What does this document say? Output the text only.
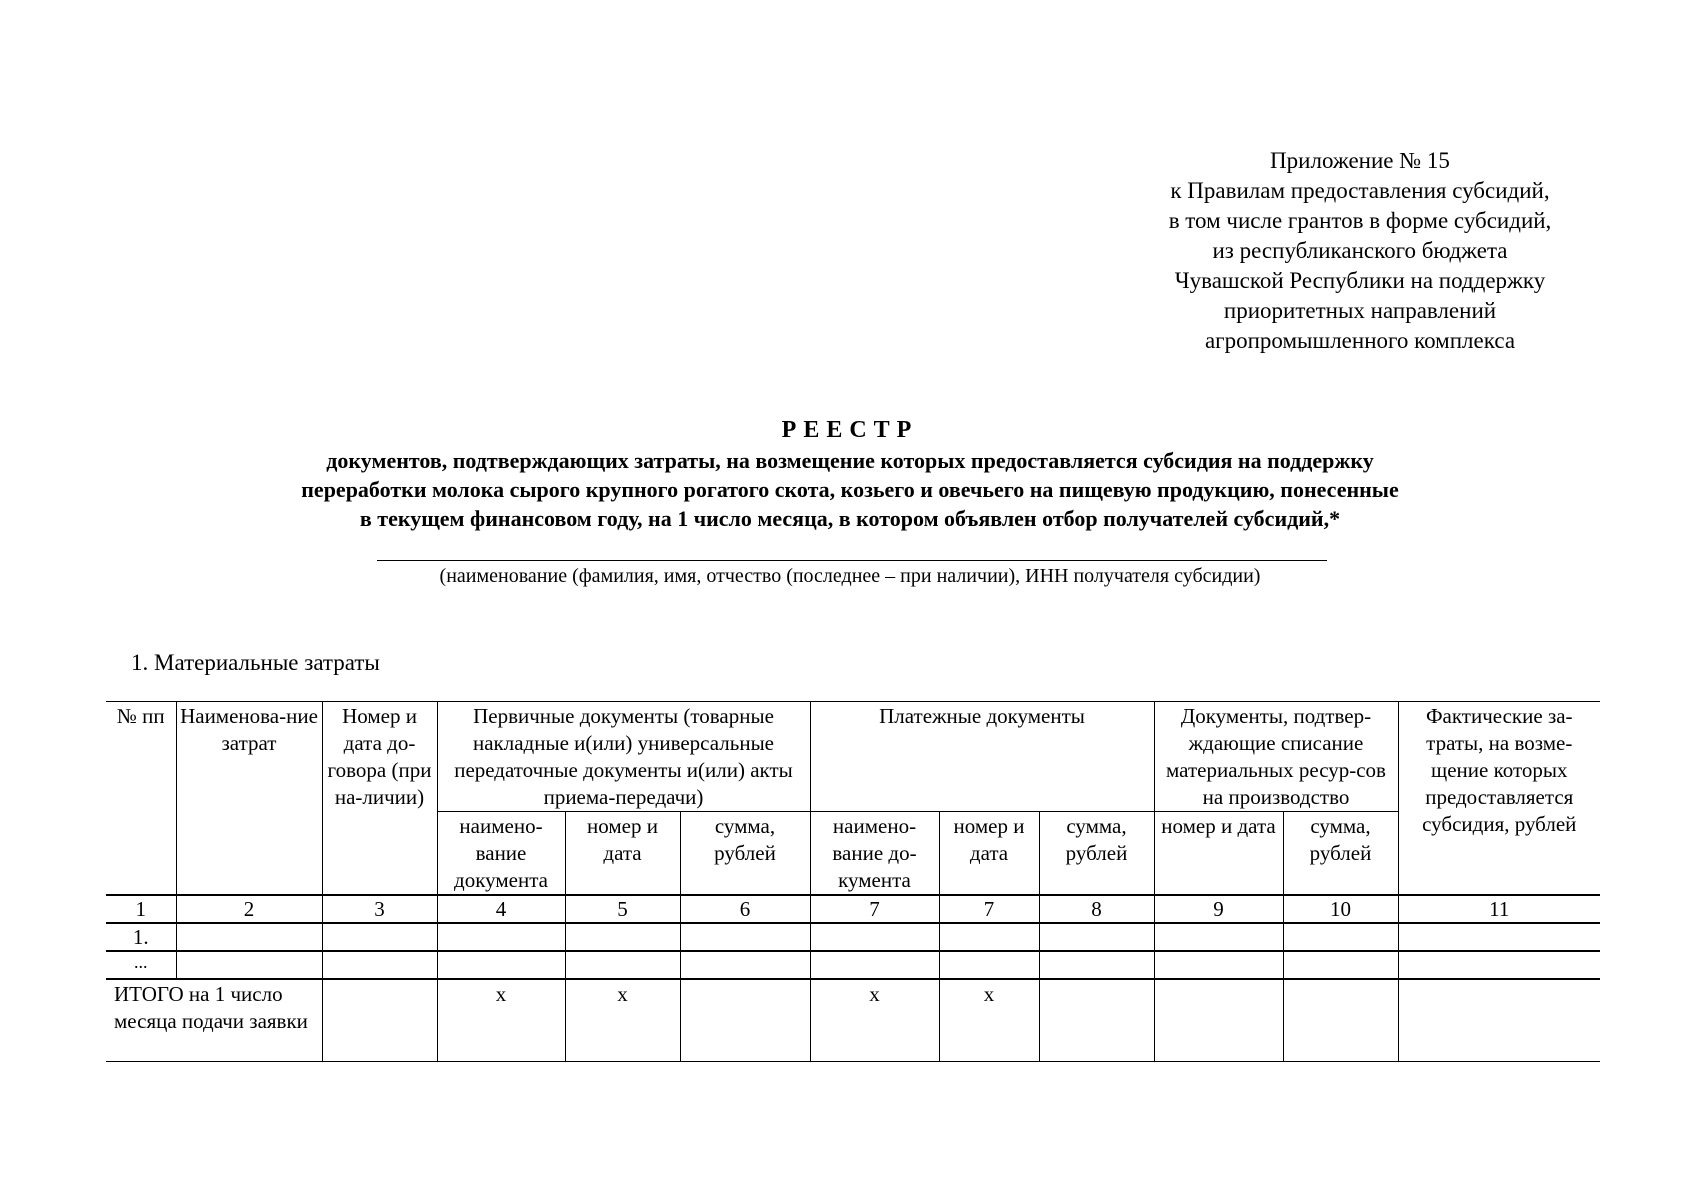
Приложение № 15
к Правилам предоставления субсидий,
в том числе грантов в форме субсидий,
из республиканского бюджета
Чувашской Республики на поддержку
приоритетных направлений
агропромышленного комплекса
РЕЕСТР
документов, подтверждающих затраты, на возмещение которых предоставляется субсидия на поддержку
переработки молока сырого крупного рогатого скота, козьего и овечьего на пищевую продукцию, понесенные
в текущем финансовом году, на 1 число месяца, в котором объявлен отбор получателей субсидий,*
(наименование (фамилия, имя, отчество (последнее – при наличии), ИНН получателя субсидии)
1. Материальные затраты
№ пп	Наименова-ние затрат	Номер и дата до-говора (при на-личии)	Первичные документы (товарные накладные и(или) универсальные передаточные документы и(или) акты приема-передачи)			Платежные документы			Документы, подтвер-ждающие списание материальных ресур-сов на производство		Фактические за-траты, на возме-щение которых предоставляется субсидия, рублей
			наимено-вание документа	номер и дата	сумма, рублей	наимено-вание до-кумента	номер и дата	сумма, рублей	номер и дата	сумма, рублей	
1	2	3	4	5	6	7	7	8	9	10	11
1.											
...											
ИТОГО на 1 число месяца подачи заявки			х	х		х	х				
